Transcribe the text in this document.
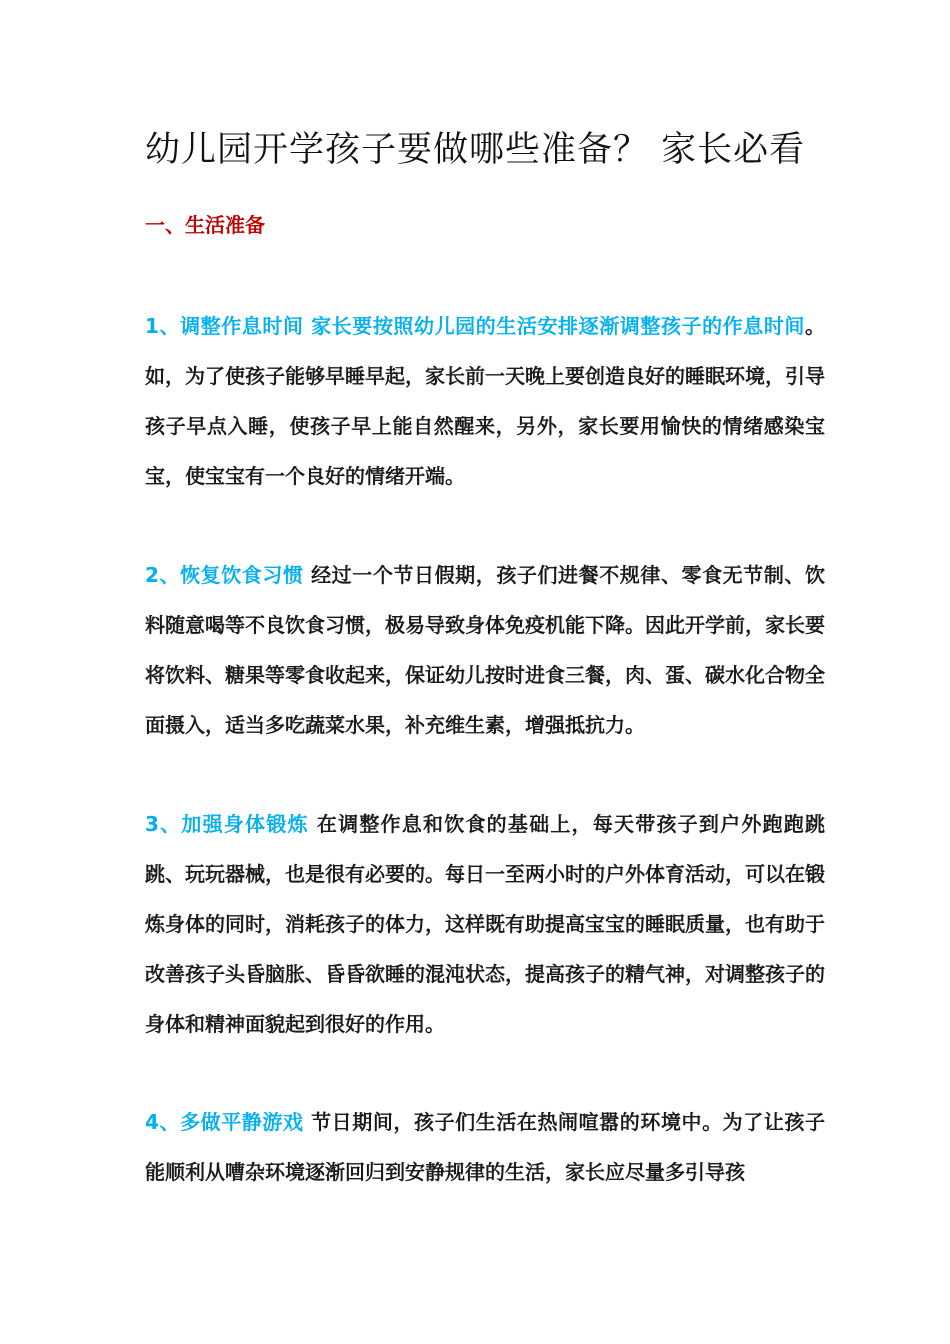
幼儿园开学孩子要做哪些准备？ 家长必看
一、生活准备
1、调整作息时间 家长要按照幼儿园的生活安排逐渐调整孩子的作息时间。如，为了使孩子能够早睡早起，家长前一天晚上要创造良好的睡眠环境，引导孩子早点入睡，使孩子早上能自然醒来，另外，家长要用愉快的情绪感染宝宝，使宝宝有一个良好的情绪开端。
2、恢复饮食习惯 经过一个节日假期，孩子们进餐不规律、零食无节制、饮料随意喝等不良饮食习惯，极易导致身体免疫机能下降。因此开学前，家长要将饮料、糖果等零食收起来，保证幼儿按时进食三餐，肉、蛋、碳水化合物全面摄入，适当多吃蔬菜水果，补充维生素，增强抵抗力。
3、加强身体锻炼 在调整作息和饮食的基础上，每天带孩子到户外跑跑跳跳、玩玩器械，也是很有必要的。每日一至两小时的户外体育活动，可以在锻炼身体的同时，消耗孩子的体力，这样既有助提高宝宝的睡眠质量，也有助于改善孩子头昏脑胀、昏昏欲睡的混沌状态，提高孩子的精气神，对调整孩子的身体和精神面貌起到很好的作用。
4、多做平静游戏 节日期间，孩子们生活在热闹喧嚣的环境中。为了让孩子能顺利从嘈杂环境逐渐回归到安静规律的生活，家长应尽量多引导孩
